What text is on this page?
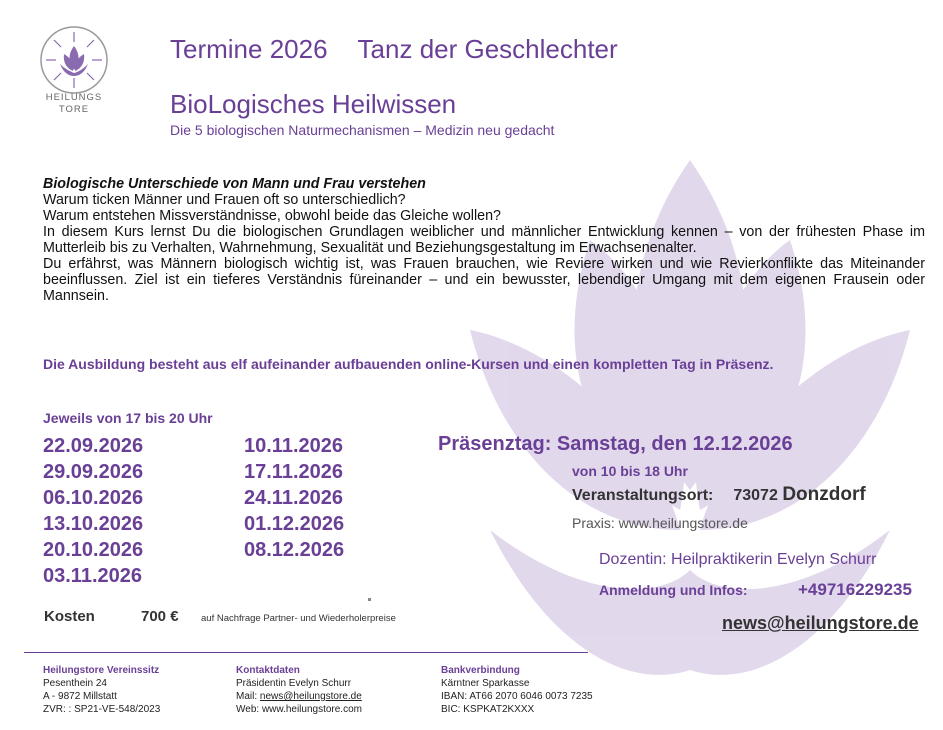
HEILUNGS
TORE
Termine 2026 Tanz der Geschlechter
BioLogisches Heilwissen
Die 5 biologischen Naturmechanismen – Medizin neu gedacht

Biologische Unterschiede von Mann und Frau verstehen

Warum ticken Männer und Frauen oft so unterschiedlich?

Warum entstehen Missverständnisse, obwohl beide das Gleiche wollen?

In diesem Kurs lernst Du die biologischen Grundlagen weiblicher und männlicher Entwicklung kennen – von der frühesten Phase im Mutterleib bis zu Verhalten, Wahrnehmung, Sexualität und Beziehungsgestaltung im Erwachsenenalter.

Du erfährst, was Männern biologisch wichtig ist, was Frauen brauchen, wie Reviere wirken und wie Revierkonflikte das Miteinander beeinflussen. Ziel ist ein tieferes Verständnis füreinander – und ein bewusster, lebendiger Umgang mit dem eigenen Frausein oder Mannsein.

Die Ausbildung besteht aus elf aufeinander aufbauenden online-Kursen und einen kompletten Tag in Präsenz.
Jeweils von 17 bis 20 Uhr
22.09.2026
29.09.2026
06.10.2026
13.10.2026
20.10.2026
03.11.2026
10.11.2026
17.11.2026
24.11.2026
01.12.2026
08.12.2026
Präsenztag: Samstag, den 12.12.2026
von 10 bis 18 Uhr
Veranstaltungsort: 73072 Donzdorf
Praxis: www.heilungstore.de
Dozentin: Heilpraktikerin Evelyn Schurr
Anmeldung und Infos:	+49716229235
news@heilungstore.de
Kosten	700 € auf Nachfrage Partner- und Wiederholerpreise
Heilungstore Vereinssitz
Pesenthein 24
A - 9872 Millstatt
ZVR: : SP21-VE-548/2023
Kontaktdaten
Präsidentin Evelyn Schurr
Mail: news@heilungstore.de
Web: www.heilungstore.com
Bankverbindung
Kärntner Sparkasse
IBAN: AT66 2070 6046 0073 7235
BIC: KSPKAT2KXXX
